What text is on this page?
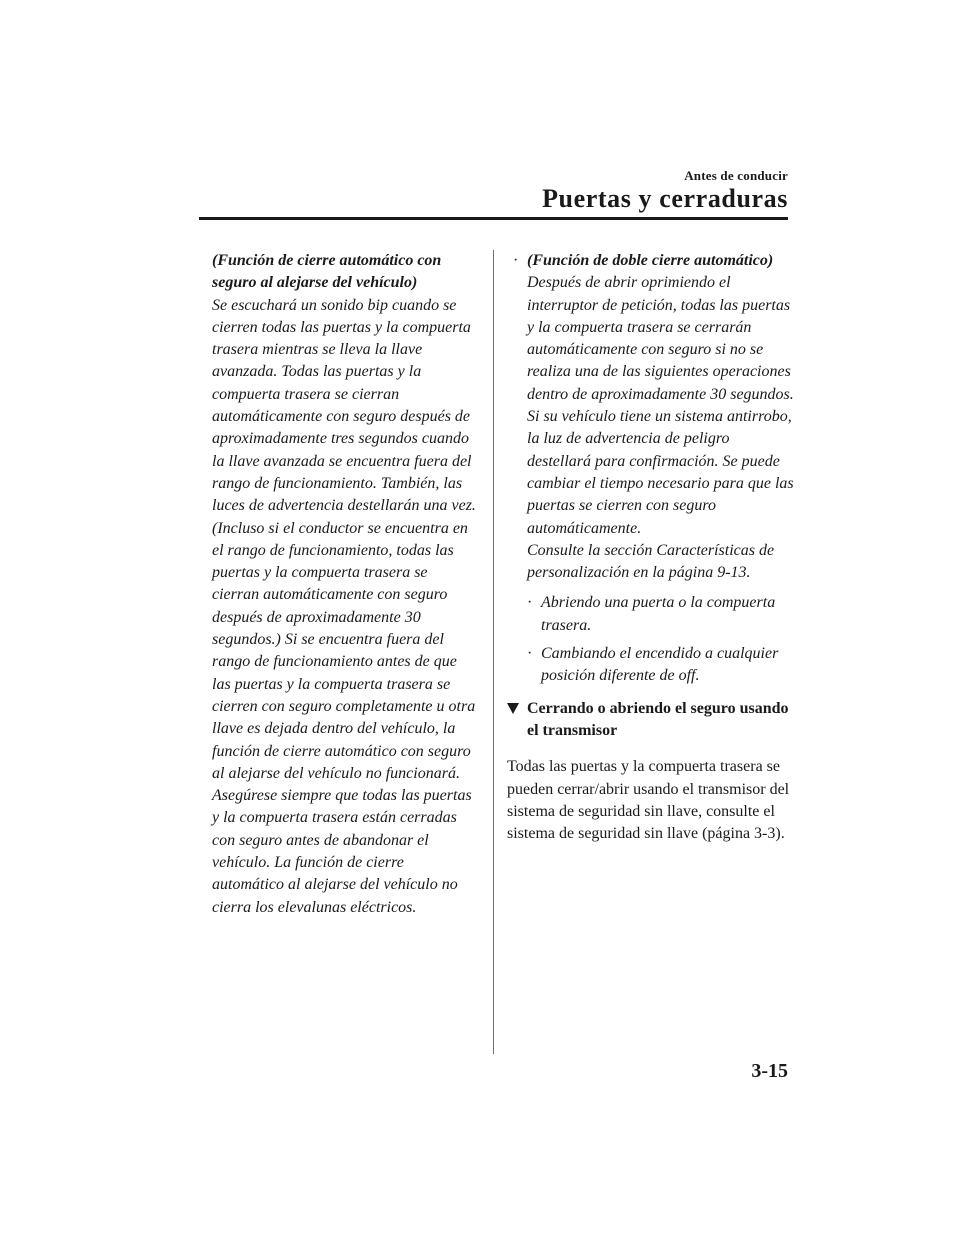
Antes de conducir
Puertas y cerraduras

(Función de cierre automático con seguro al alejarse del vehículo)

Se escuchará un sonido bip cuando se cierren todas las puertas y la compuerta trasera mientras se lleva la llave avanzada. Todas las puertas y la compuerta trasera se cierran automáticamente con seguro después de aproximadamente tres segundos cuando la llave avanzada se encuentra fuera del rango de funcionamiento. También, las luces de advertencia destellarán una vez. (Incluso si el conductor se encuentra en el rango de funcionamiento, todas las puertas y la compuerta trasera se cierran automáticamente con seguro después de aproximadamente 30 segundos.) Si se encuentra fuera del rango de funcionamiento antes de que las puertas y la compuerta trasera se cierren con seguro completamente u otra llave es dejada dentro del vehículo, la función de cierre automático con seguro al alejarse del vehículo no funcionará. Asegúrese siempre que todas las puertas y la compuerta trasera están cerradas con seguro antes de abandonar el vehículo. La función de cierre automático al alejarse del vehículo no cierra los elevalunas eléctricos.

· (Función de doble cierre automático)

Después de abrir oprimiendo el interruptor de petición, todas las puertas y la compuerta trasera se cerrarán automáticamente con seguro si no se realiza una de las siguientes operaciones dentro de aproximadamente 30 segundos. Si su vehículo tiene un sistema antirrobo, la luz de advertencia de peligro destellará para confirmación. Se puede cambiar el tiempo necesario para que las puertas se cierren con seguro automáticamente.

Consulte la sección Características de personalización en la página 9-13.

· Abriendo una puerta o la compuerta trasera.
· Cambiando el encendido a cualquier posición diferente de off.
Cerrando o abriendo el seguro usando el transmisor

Todas las puertas y la compuerta trasera se pueden cerrar/abrir usando el transmisor del sistema de seguridad sin llave, consulte el sistema de seguridad sin llave (página 3-3).

3-15
